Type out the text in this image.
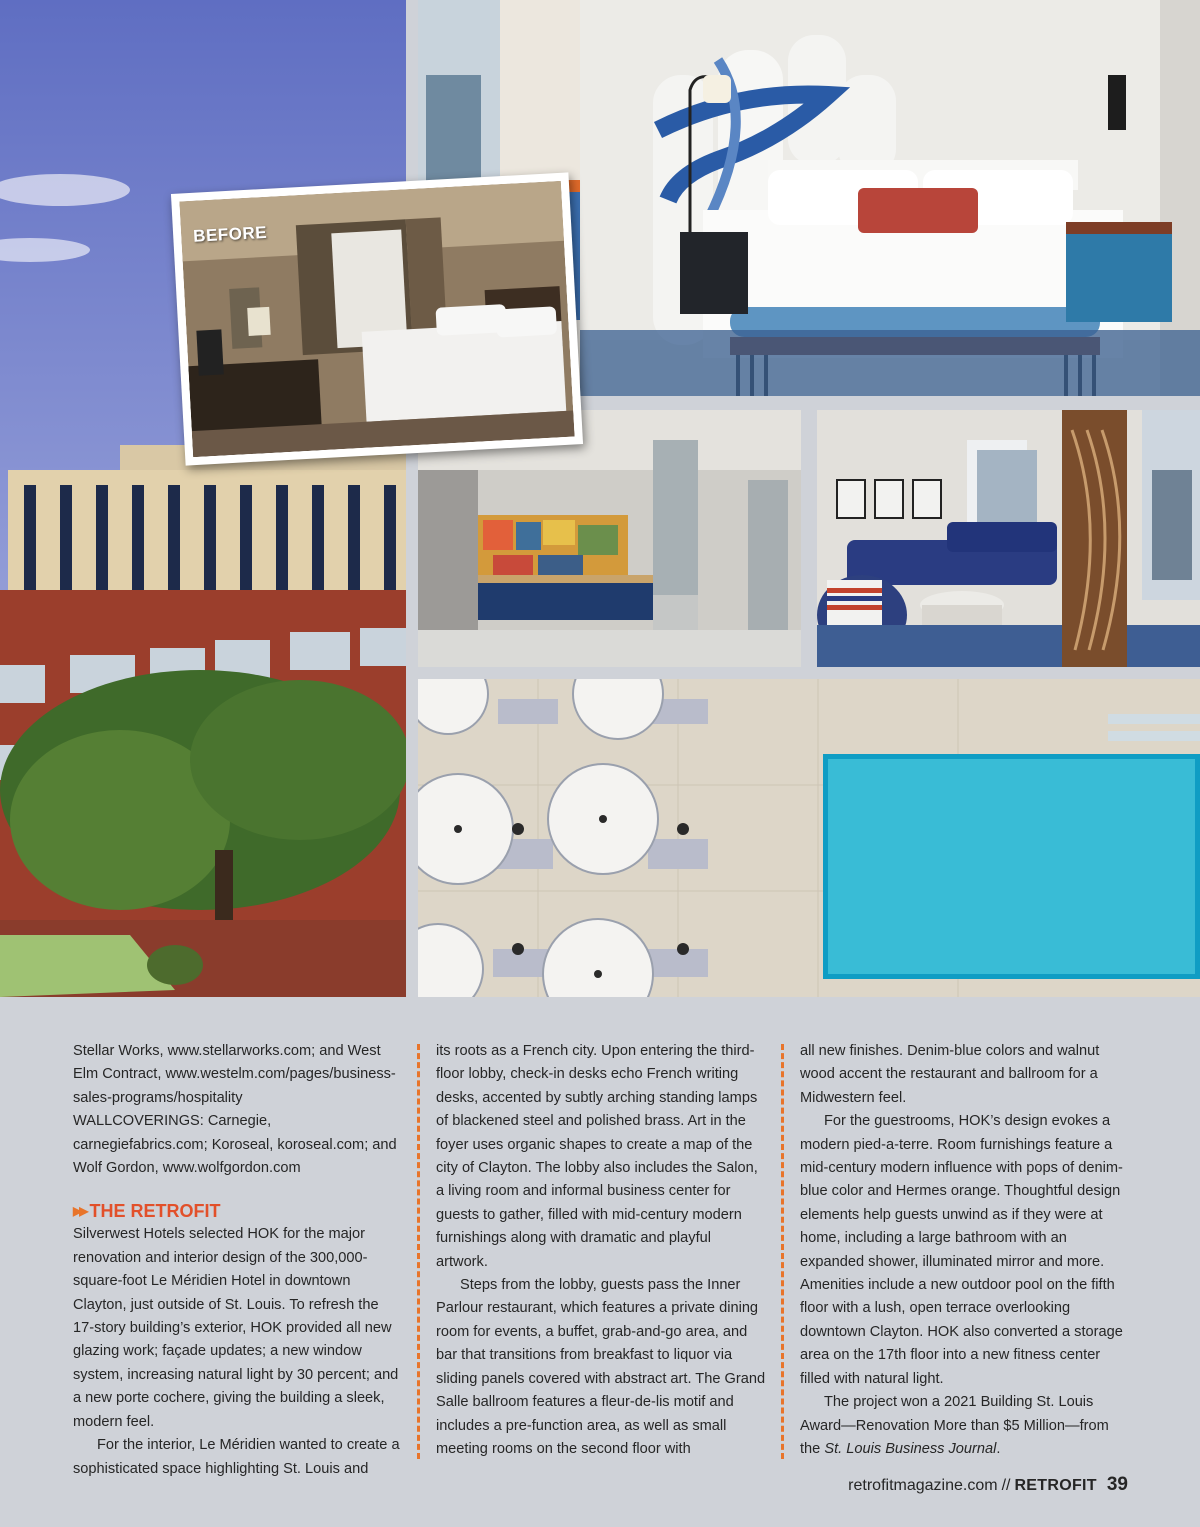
BEFORE

Stellar Works, www.stellarworks.com; and West Elm Contract, www.westelm.com/pages/business-sales-programs/hospitality

WALLCOVERINGS: Carnegie, carnegiefabrics.com; Koroseal, koroseal.com; and Wolf Gordon, www.wolfgordon.com

▶▶ THE RETROFIT

Silverwest Hotels selected HOK for the major renovation and interior design of the 300,000-square-foot Le Méridien Hotel in downtown Clayton, just outside of St. Louis. To refresh the 17-story building’s exterior, HOK provided all new glazing work; façade updates; a new window system, increasing natural light by 30 percent; and a new porte cochere, giving the building a sleek, modern feel.

For the interior, Le Méridien wanted to create a sophisticated space highlighting St. Louis and

its roots as a French city. Upon entering the third-floor lobby, check-in desks echo French writing desks, accented by subtly arching standing lamps of blackened steel and polished brass. Art in the foyer uses organic shapes to create a map of the city of Clayton. The lobby also includes the Salon, a living room and informal business center for guests to gather, filled with mid-century modern furnishings along with dramatic and playful artwork.

Steps from the lobby, guests pass the Inner Parlour restaurant, which features a private dining room for events, a buffet, grab-and-go area, and bar that transitions from breakfast to liquor via sliding panels covered with abstract art. The Grand Salle ballroom features a fleur-de-lis motif and includes a pre-function area, as well as small meeting rooms on the second floor with

all new finishes. Denim-blue colors and walnut wood accent the restaurant and ballroom for a Midwestern feel.

For the guestrooms, HOK’s design evokes a modern pied-a-terre. Room furnishings feature a mid-century modern influence with pops of denim-blue color and Hermes orange. Thoughtful design elements help guests unwind as if they were at home, including a large bathroom with an expanded shower, illuminated mirror and more. Amenities include a new outdoor pool on the fifth floor with a lush, open terrace overlooking downtown Clayton. HOK also converted a storage area on the 17th floor into a new fitness center filled with natural light.

The project won a 2021 Building St. Louis Award—Renovation More than $5 Million—from the St. Louis Business Journal.

retrofitmagazine.com // RETROFIT 39
